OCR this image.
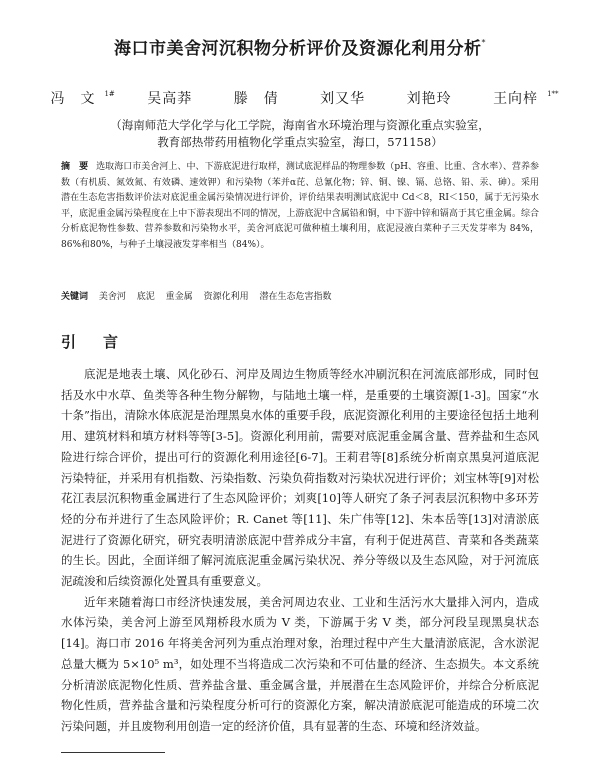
海口市美舍河沉积物分析评价及资源化利用分析*
冯　文 $^{1\#}$ 吴高莽	滕　倩	刘又华	刘艳玲	王向梓 $^{1**}$
（海南师范大学化学与化工学院，海南省水环境治理与资源化重点实验室，
教育部热带药用植物化学重点实验室，海口，571158）
摘　要 选取海口市美舍河上、中、下游底泥进行取样，测试底泥样品的物理参数（pH、容重、比重、含水率）、营养参数（有机质、氮效氮、有效磷、速效钾）和污染物（苯并α芘、总氰化物；锌、铜、镍、镉、总铬、铅、汞、砷）。采用潜在生态危害指数评价法对底泥重金属污染情况进行评价，评价结果表明测试底泥中 Cd＜8，RI＜150，属于无污染水平，底泥重金属污染程度在上中下游表现出不同的情况，上游底泥中含属铅和铜，中下游中锌和镉高于其它重金属。综合分析底泥物性参数、营养参数和污染物水平，美舍河底泥可做种植土壤利用，底泥浸液白菜种子三天发芽率为 84%，86%和80%，与种子土壤浸液发芽率相当（84%）。
关键词 美舍河 底泥 重金属 资源化利用 潜在生态危害指数
引　言

底泥是地表土壤、风化砂石、河岸及周边生物质等经水冲刷沉积在河流底部形成，同时包括及水中水草、鱼类等各种生物分解物，与陆地土壤一样，是重要的土壤资源[1-3]。国家“水十条”指出，清除水体底泥是治理黑臭水体的重要手段，底泥资源化利用的主要途径包括土地利用、建筑材料和填方材料等等[3-5]。资源化利用前，需要对底泥重金属含量、营养盐和生态风险进行综合评价，提出可行的资源化利用途径[6-7]。王莉君等[8]系统分析南京黑臭河道底泥污染特征，并采用有机指数、污染指数、污染负荷指数对污染状况进行评价；刘宝林等[9]对松花江表层沉积物重金属进行了生态风险评价；刘爽[10]等人研究了条子河表层沉积物中多环芳烃的分布并进行了生态风险评价；R. Canet 等[11]、朱广伟等[12]、朱本岳等[13]对清淤底泥进行了资源化研究，研究表明清淤底泥中营养成分丰富，有利于促进莴苣、青菜和各类蔬菜的生长。因此，全面详细了解河流底泥重金属污染状况、养分等级以及生态风险，对于河流底泥疏浚和后续资源化处置具有重要意义。

近年来随着海口市经济快速发展，美舍河周边农业、工业和生活污水大量排入河内，造成水体污染，美舍河上游至风翔桥段水质为 V 类，下游属于劣 V 类，部分河段呈现黑臭状态[14]。海口市 2016 年将美舍河列为重点治理对象，治理过程中产生大量清淤底泥，含水淤泥总量大概为 5×10⁵ m³，如处理不当将造成二次污染和不可估量的经济、生态损失。本文系统分析清淤底泥物化性质、营养盐含量、重金属含量，并展潜在生态风险评价，并综合分析底泥物化性质，营养盐含量和污染程度分析可行的资源化方案，解决清淤底泥可能造成的环境二次污染问题，并且废物利用创造一定的经济价值，具有显著的生态、环境和经济效益。
